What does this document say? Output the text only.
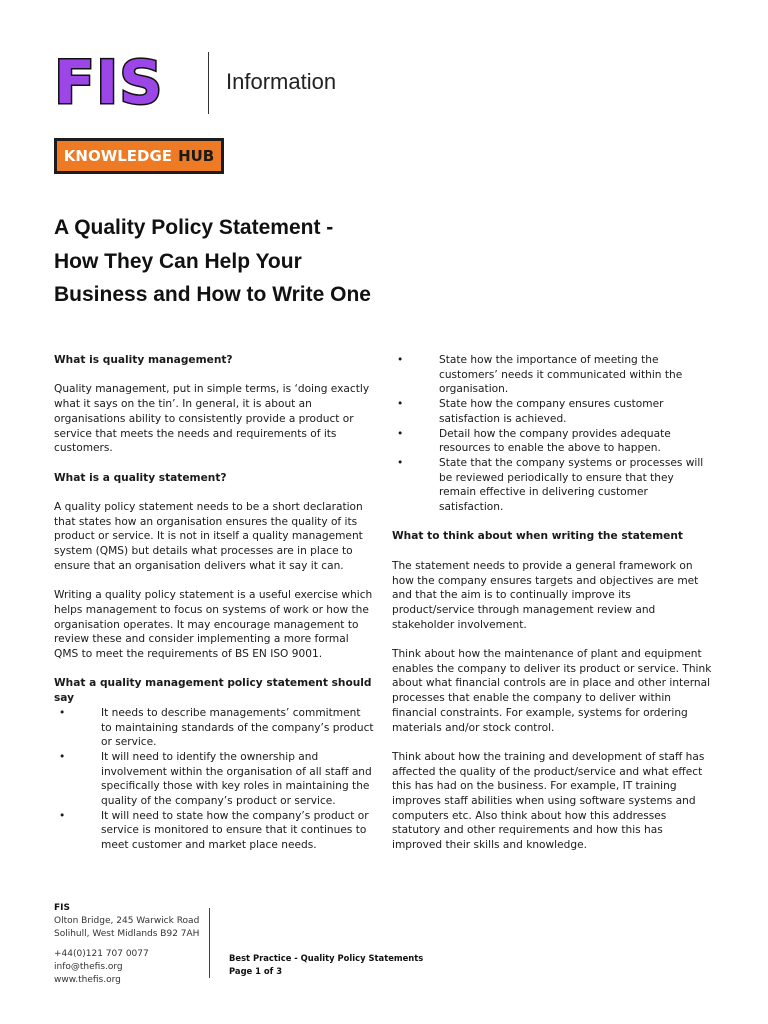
FIS	Information
KNOWLEDGE HUB
A Quality Policy Statement - How They Can Help Your Business and How to Write One

What is quality management?

Quality management, put in simple terms, is ‘doing exactly what it says on the tin’. In general, it is about an organisations ability to consistently provide a product or service that meets the needs and requirements of its customers.

What is a quality statement?

A quality policy statement needs to be a short declaration that states how an organisation ensures the quality of its product or service. It is not in itself a quality management system (QMS) but details what processes are in place to ensure that an organisation delivers what it say it can.

Writing a quality policy statement is a useful exercise which helps management to focus on systems of work or how the organisation operates. It may encourage management to review these and consider implementing a more formal QMS to meet the requirements of BS EN ISO 9001.

What a quality management policy statement should say

•	It needs to describe managements’ commitment to maintaining standards of the company’s product or service.
•	It will need to identify the ownership and involvement within the organisation of all staff and specifically those with key roles in maintaining the quality of the company’s product or service.
•	It will need to state how the company’s product or service is monitored to ensure that it continues to meet customer and market place needs.
•	State how the importance of meeting the customers’ needs it communicated within the organisation.
•	State how the company ensures customer satisfaction is achieved.
•	Detail how the company provides adequate resources to enable the above to happen.
•	State that the company systems or processes will be reviewed periodically to ensure that they remain effective in delivering customer satisfaction.

What to think about when writing the statement

The statement needs to provide a general framework on how the company ensures targets and objectives are met and that the aim is to continually improve its product/service through management review and stakeholder involvement.

Think about how the maintenance of plant and equipment enables the company to deliver its product or service. Think about what financial controls are in place and other internal processes that enable the company to deliver within financial constraints. For example, systems for ordering materials and/or stock control.

Think about how the training and development of staff has affected the quality of the product/service and what effect this has had on the business. For example, IT training improves staff abilities when using software systems and computers etc. Also think about how this addresses statutory and other requirements and how this has improved their skills and knowledge.

FIS
Olton Bridge, 245 Warwick Road
Solihull, West Midlands B92 7AH
+44(0)121 707 0077
info@thefis.org
www.thefis.org
Best Practice - Quality Policy Statements
Page 1 of 3
